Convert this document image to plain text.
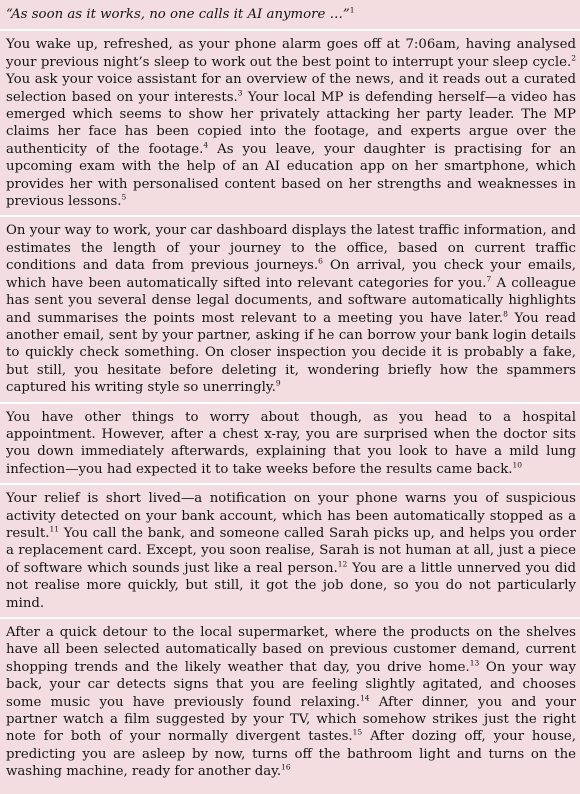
“As soon as it works, no one calls it AI anymore …”$^1$

You wake up, refreshed, as your phone alarm goes off at 7:06am, having analysed your previous night’s sleep to work out the best point to interrupt your sleep cycle.$^2$ You ask your voice assistant for an overview of the news, and it reads out a curated selection based on your interests.$^3$ Your local MP is defending herself—a video has emerged which seems to show her privately attacking her party leader. The MP claims her face has been copied into the footage, and experts argue over the authenticity of the footage.$^4$ As you leave, your daughter is practising for an upcoming exam with the help of an AI education app on her smartphone, which provides her with personalised content based on her strengths and weaknesses in previous lessons.$^5$

On your way to work, your car dashboard displays the latest traffic information, and estimates the length of your journey to the office, based on current traffic conditions and data from previous journeys.$^6$ On arrival, you check your emails, which have been automatically sifted into relevant categories for you.$^7$ A colleague has sent you several dense legal documents, and software automatically highlights and summarises the points most relevant to a meeting you have later.$^8$ You read another email, sent by your partner, asking if he can borrow your bank login details to quickly check something. On closer inspection you decide it is probably a fake, but still, you hesitate before deleting it, wondering briefly how the spammers captured his writing style so unerringly.$^9$

You have other things to worry about though, as you head to a hospital appointment. However, after a chest x-ray, you are surprised when the doctor sits you down immediately afterwards, explaining that you look to have a mild lung infection—you had expected it to take weeks before the results came back.$^{10}$

Your relief is short lived—a notification on your phone warns you of suspicious activity detected on your bank account, which has been automatically stopped as a result.$^{11}$ You call the bank, and someone called Sarah picks up, and helps you order a replacement card. Except, you soon realise, Sarah is not human at all, just a piece of software which sounds just like a real person.$^{12}$ You are a little unnerved you did not realise more quickly, but still, it got the job done, so you do not particularly mind.

After a quick detour to the local supermarket, where the products on the shelves have all been selected automatically based on previous customer demand, current shopping trends and the likely weather that day, you drive home.$^{13}$ On your way back, your car detects signs that you are feeling slightly agitated, and chooses some music you have previously found relaxing.$^{14}$ After dinner, you and your partner watch a film suggested by your TV, which somehow strikes just the right note for both of your normally divergent tastes.$^{15}$ After dozing off, your house, predicting you are asleep by now, turns off the bathroom light and turns on the washing machine, ready for another day.$^{16}$
